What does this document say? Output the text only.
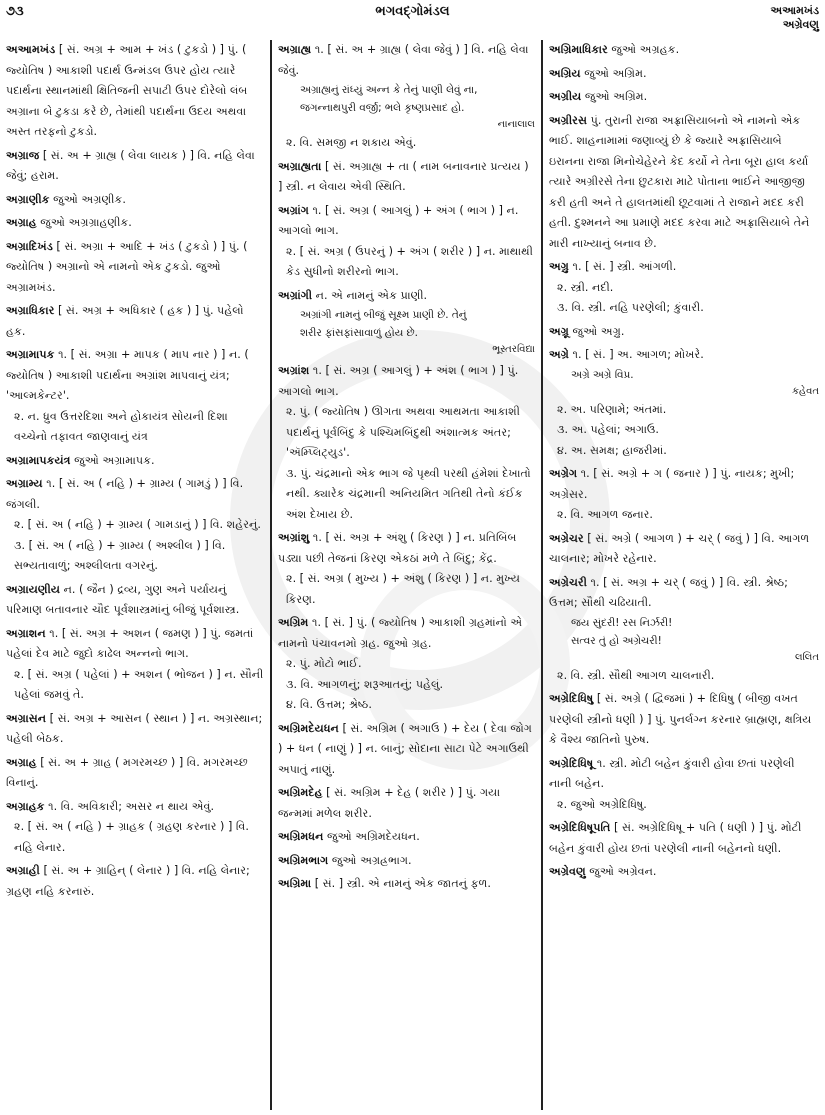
૭૩	ભગવદ્ગોમંડલ	અઆમખંડ
અગ્રેવણુ
અઆમખંડ [ સં. અગ્ર + આમ + ખંડ ( ટુકડો ) ] પું. ( જ્યોતિષ ) આકાશી પદાર્થ ઉન્મંડલ ઉપર હોય ત્યારે પદાર્થના સ્થાનમાંથી ક્ષિતિજની સપાટી ઉપર દોરેલો લંબ અગ્રાના બે ટુકડા કરે છે, તેમાંથી પદાર્થના ઉદય અથવા અસ્ત તરફનો ટુકડો.
અગ્રાજ [ સં. અ + ગ્રાહ્ય ( લેવા લાયક ) ] વિ. નહિ લેવા જેવું; હરામ.
અગ્રાણીક જુઓ અગ્રણીક.
અગ્રાહ જુઓ અગ્રગ્રાહણીક.
અગ્રાદિખંડ [ સં. અગ્રા + આદિ + ખંડ ( ટુકડો ) ] પું. ( જ્યોતિષ ) અગ્રાનો એ નામનો એક ટુકડો. જુઓ અગ્રામખંડ.
અગ્રાધિકાર [ સં. અગ્ર + અધિકાર ( હક ) ] પું. પહેલો હક.
અગ્રામાપક ૧. [ સં. અગ્રા + માપક ( માપ નાર ) ] ન. ( જ્યોતિષ ) આકાશી પદાર્થના અગ્રાંશ માપવાનું યંત્ર; 'આલ્મકેન્ટર'.
૨. ન. ધ્રુવ ઉત્તરદિશા અને હોકાયંત્ર સોયની દિશા વચ્ચેનો તફાવત જાણવાનું યંત્ર
અગ્રામાપકયંત્ર જુઓ અગ્રામાપક.
અગ્રામ્ય ૧. [ સં. અ ( નહિ ) + ગ્રામ્ય ( ગામડું ) ] વિ. જંગલી.
૨. [ સં. અ ( નહિ ) + ગ્રામ્ય ( ગામડાનું ) ] વિ. શહેરનું.
૩. [ સં. અ ( નહિ ) + ગ્રામ્ય ( અશ્લીલ ) ] વિ. સભ્યતાવાળું; અશ્લીલતા વગરનું.
અગ્રાયણીય ન. ( જૈન ) દ્રવ્ય, ગુણ અને પર્યાયનું પરિમાણ બતાવનાર ચૌદ પૂર્વશાસ્ત્રમાંનું બીજું પૂર્વશાસ્ત્ર.
અગ્રાશન ૧. [ સં. અગ્ર + અશન ( જમણ ) ] પું. જમતાં પહેલાં દેવ માટે જુદો કાઢેલ અન્નનો ભાગ.
૨. [ સં. અગ્ર ( પહેલાં ) + અશન ( ભોજન ) ] ન. સૌની પહેલાં જમવું તે.
અગ્રાસન [ સં. અગ્ર + આસન ( સ્થાન ) ] ન. અગ્રસ્થાન; પહેલી બેઠક.
અગ્રાહ [ સં. અ + ગ્રાહ ( મગરમચ્છ ) ] વિ. મગરમચ્છ વિનાનું.
અગ્રાહક ૧. વિ. અવિકારી; અસર ન થાય એવું.
૨. [ સં. અ ( નહિ ) + ગ્રાહક ( ગ્રહણ કરનાર ) ] વિ. નહિ લેનાર.
અગ્રાહી [ સં. અ + ગ્રાહિન્ ( લેનાર ) ] વિ. નહિ લેનાર; ગ્રહણ નહિ કરનારું.
અગ્રાહ્ય ૧. [ સં. અ + ગ્રાહ્ય ( લેવા જેવું ) ] વિ. નહિ લેવા જેવું.
અગ્રાહ્યનું રાંધ્યું અન્ન કે તેનું પાણી લેવું ના,
જગન્નાથપુરી વર્જી; ભલે કૃષ્ણપ્રસાદ હો.
નાનાલાલ
૨. વિ. સમજી ન શકાય એવું.
અગ્રાહ્યતા [ સં. અગ્રાહ્ય + તા ( નામ બનાવનાર પ્રત્યય ) ] સ્ત્રી. ન લેવાય એવી સ્થિતિ.
અગ્રાંગ ૧. [ સં. અગ્ર ( આગલું ) + અંગ ( ભાગ ) ] ન. આગલો ભાગ.
૨. [ સં. અગ્ર ( ઉપરનું ) + અંગ ( શરીર ) ] ન. માથાથી કેડ સુધીનો શરીરનો ભાગ.
અગ્રાંગી ન. એ નામનું એક પ્રાણી.
અગ્રાંગી નામનું બીજું સૂક્ષ્મ પ્રાણી છે. તેનું
શરીર ફાંસફાંસાવાળું હોય છે.
ભૂસ્તરવિદ્યા
અગ્રાંશ ૧. [ સં. અગ્ર ( આગલું ) + અંશ ( ભાગ ) ] પું. આગલો ભાગ.
૨. પું. ( જ્યોતિષ ) ઊગતા અથવા આથમતા આકાશી પદાર્થનું પૂર્વબિંદુ કે પશ્ચિમબિંદુથી અંશાત્મક અંતર; 'ઍમ્પ્લિટ્યુડ'.
૩. પું. ચંદ્રમાનો એક ભાગ જે પૃથ્વી પરથી હંમેશાં દેખાતો નથી. ક્યારેક ચંદ્રમાની અનિયમિત ગતિથી તેનો કંઈક અંશ દેખાય છે.
અગ્રાંશુ ૧. [ સં. અગ્ર + અંશુ ( કિરણ ) ] ન. પ્રતિબિંબ પડ્યા પછી તેજનાં કિરણ એકઠાં મળે તે બિંદુ; કેંદ્ર.
૨. [ સં. અગ્ર ( મુખ્ય ) + અંશુ ( કિરણ ) ] ન. મુખ્ય કિરણ.
અગ્રિમ ૧. [ સં. ] પું. ( જ્યોતિષ ) આકાશી ગ્રહમાંનો એ નામનો પંચાવનમો ગ્રહ. જુઓ ગ્રહ.
૨. પું. મોટો ભાઈ.
૩. વિ. આગળનું; શરૂઆતનું; પહેલું.
૪. વિ. ઉત્તમ; શ્રેષ્ઠ.
અગ્રિમદેયધન [ સં. અગ્રિમ ( અગાઉ ) + દેય ( દેવા જોગ ) + ધન ( નાણું ) ] ન. બાનું; સોદાના સાટા પેટે અગાઉથી અપાતું નાણું.
અગ્રિમદેહ [ સં. અગ્રિમ + દેહ ( શરીર ) ] પું. ગયા જન્મમાં મળેલ શરીર.
અગ્રિમધન જુઓ અગ્રિમદેયધન.
અગ્રિમભાગ જુઓ અગ્રહ્રભાગ.
અગ્રિમા [ સં. ] સ્ત્રી. એ નામનું એક જાતનું ફળ.
અગ્રિમાધિકાર જુઓ અગ્રહક.
અગ્રિય જુઓ અગ્રિમ.
અગ્રીય જુઓ અગ્રિમ.
અગ્રીરસ પું. તુરાની રાજા અફ્રાસિયાબનો એ નામનો એક ભાઈ. શાહનામામાં જણાવ્યું છે કે જ્યારે અફ્રાસિયાબે ઇરાનના રાજા મિનોચેહેરને કેદ કર્યો ને તેના બૂરા હાલ કર્યા ત્યારે અગ્રીરસે તેના છુટકારા માટે પોતાના ભાઈને આજીજી કરી હતી અને તે હાલતમાંથી છૂટવામાં તે રાજાને મદદ કરી હતી. દુશ્મનને આ પ્રમાણે મદદ કરવા માટે અફ્રાસિયાબે તેને મારી નાખ્યાનું બનાવ છે.
અગ્રુ ૧. [ સં. ] સ્ત્રી. આંગળી.
૨. સ્ત્રી. નદી.
૩. વિ. સ્ત્રી. નહિ પરણેલી; કુંવારી.
અગ્રૂ જુઓ અગ્રુ.
અગ્રે ૧. [ સં. ] અ. આગળ; મોખરે.
અગ્રે અગ્રે વિપ્ર.
કહેવત
૨. અ. પરિણામે; અંતમાં.
૩. અ. પહેલાં; અગાઉ.
૪. અ. સમક્ષ; હાજરીમાં.
અગ્રેગ ૧. [ સં. અગ્રે + ગ ( જનાર ) ] પું. નાયક; મુખી; અગ્રેસર.
૨. વિ. આગળ જનાર.
અગ્રેચર [ સં. અગ્રે ( આગળ ) + ચર્ ( જવું ) ] વિ. આગળ ચાલનાર; મોખરે રહેનાર.
અગ્રેચરી ૧. [ સં. અગ્ર + ચર્ ( જવું ) ] વિ. સ્ત્રી. શ્રેષ્ઠ; ઉત્તમ; સૌથી ચઢિયાતી.
જય સુંદરી! રસ નિર્ઝરી!
સત્વર તું હો અગ્રેચરી!
લલિત
૨. વિ. સ્ત્રી. સૌથી આગળ ચાલનારી.
અગ્રેદિધિષુ [ સં. અગ્રે ( દ્વિજમાં ) + દિધિષુ ( બીજી વખત પરણેલી સ્ત્રીનો ધણી ) ] પું. પુનર્લગ્ન કરનાર બ્રાહ્મણ, ક્ષત્રિય કે વૈશ્ય જાતિનો પુરુષ.
અગ્રેદિધિષૂ ૧. સ્ત્રી. મોટી બહેન કુંવારી હોવા છતાં પરણેલી નાની બહેન.
૨. જુઓ અગ્રેદિધિષુ.
અગ્રેદિધિષૂપતિ [ સં. અગ્રેદિધિષૂ + પતિ ( ધણી ) ] પું. મોટી બહેન કુંવારી હોય છતાં પરણેલી નાની બહેનનો ધણી.
અગ્રેવણુ જુઓ અગ્રેવન.
